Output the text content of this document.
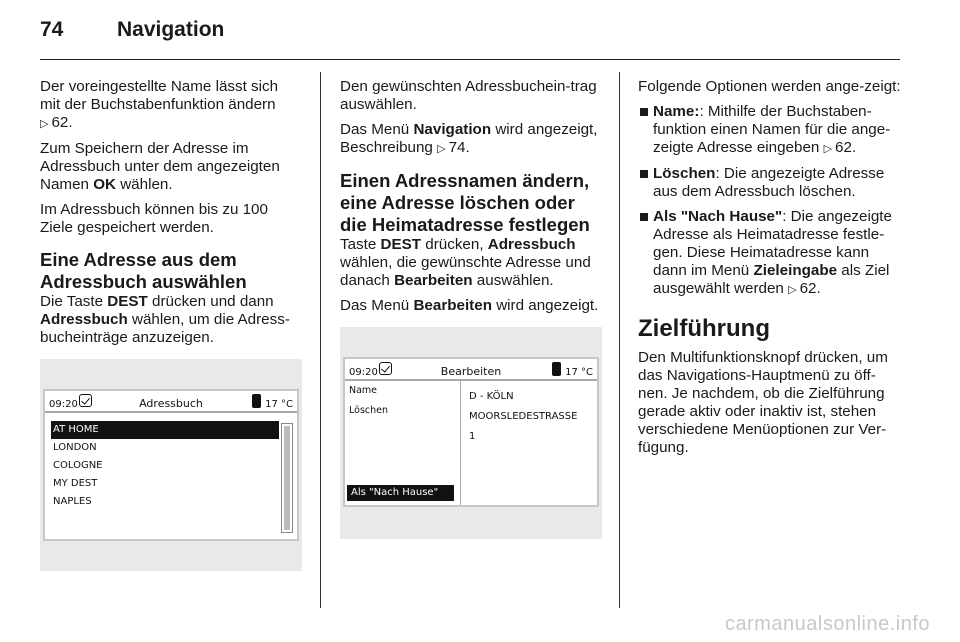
74	Navigation

Der voreingestellte Name lässt sich mit der Buchstabenfunktion ändern
▷ 62.

Zum Speichern der Adresse im Adressbuch unter dem angezeigten Namen OK wählen.

Im Adressbuch können bis zu 100 Ziele gespeichert werden.

Eine Adresse aus dem Adressbuch auswählen

Die Taste DEST drücken und dann Adressbuch wählen, um die Adress-bucheinträge anzuzeigen.

09:20	Adressbuch	17 °C
AT HOME
LONDON
COLOGNE
MY DEST
NAPLES

Den gewünschten Adressbuchein-trag auswählen.

Das Menü Navigation wird angezeigt, Beschreibung ▷ 74.

Einen Adressnamen ändern, eine Adresse löschen oder die Heimatadresse festlegen

Taste DEST drücken, Adressbuch wählen, die gewünschte Adresse und danach Bearbeiten auswählen.

Das Menü Bearbeiten wird angezeigt.

09:20	Bearbeiten	17 °C
Name
Löschen
Als "Nach Hause"
D - KÖLN
MOORSLEDESTRASSE
1

Folgende Optionen werden ange-zeigt:

Name:: Mithilfe der Buchstaben-funktion einen Namen für die ange-zeigte Adresse eingeben ▷ 62.
Löschen: Die angezeigte Adresse aus dem Adressbuch löschen.
Als "Nach Hause": Die angezeigte Adresse als Heimatadresse festle-gen. Diese Heimatadresse kann dann im Menü Zieleingabe als Ziel ausgewählt werden ▷ 62.
Zielführung

Den Multifunktionsknopf drücken, um das Navigations-Hauptmenü zu öff-nen. Je nachdem, ob die Zielführung gerade aktiv oder inaktiv ist, stehen verschiedene Menüoptionen zur Ver-fügung.

carmanualsonline.info
